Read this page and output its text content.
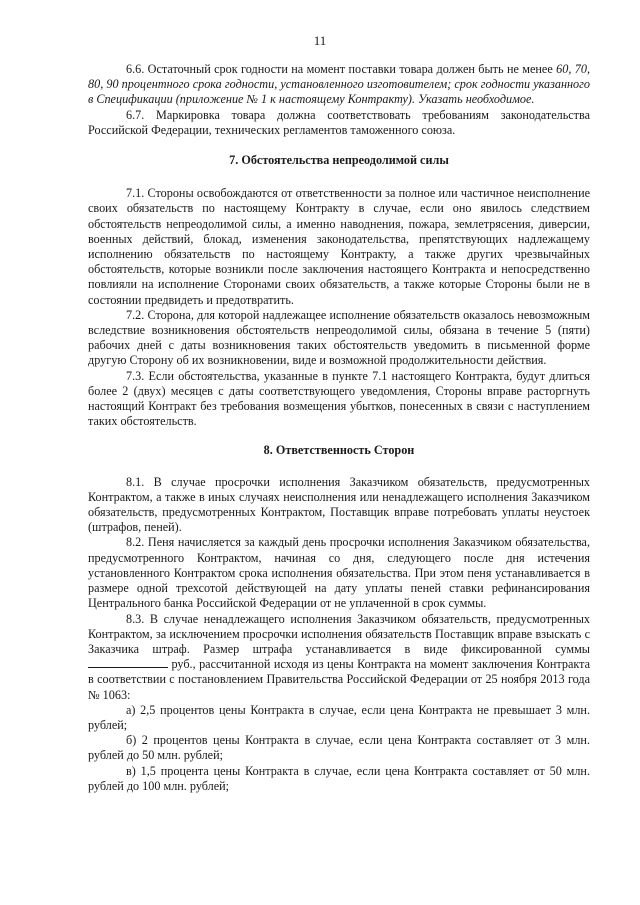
11

6.6. Остаточный срок годности на момент поставки товара должен быть не менее 60, 70, 80, 90 процентного срока годности, установленного изготовителем; срок годности указанного в Спецификации (приложение № 1 к настоящему Контракту). Указать необходимое.

6.7. Маркировка товара должна соответствовать требованиям законодательства Российской Федерации, технических регламентов таможенного союза.

7. Обстоятельства непреодолимой силы

7.1. Стороны освобождаются от ответственности за полное или частичное неисполнение своих обязательств по настоящему Контракту в случае, если оно явилось следствием обстоятельств непреодолимой силы, а именно наводнения, пожара, землетрясения, диверсии, военных действий, блокад, изменения законодательства, препятствующих надлежащему исполнению обязательств по настоящему Контракту, а также других чрезвычайных обстоятельств, которые возникли после заключения настоящего Контракта и непосредственно повлияли на исполнение Сторонами своих обязательств, а также которые Стороны были не в состоянии предвидеть и предотвратить.

7.2. Сторона, для которой надлежащее исполнение обязательств оказалось невозможным вследствие возникновения обстоятельств непреодолимой силы, обязана в течение 5 (пяти) рабочих дней с даты возникновения таких обстоятельств уведомить в письменной форме другую Сторону об их возникновении, виде и возможной продолжительности действия.

7.3. Если обстоятельства, указанные в пункте 7.1 настоящего Контракта, будут длиться более 2 (двух) месяцев с даты соответствующего уведомления, Стороны вправе расторгнуть настоящий Контракт без требования возмещения убытков, понесенных в связи с наступлением таких обстоятельств.

8. Ответственность Сторон

8.1. В случае просрочки исполнения Заказчиком обязательств, предусмотренных Контрактом, а также в иных случаях неисполнения или ненадлежащего исполнения Заказчиком обязательств, предусмотренных Контрактом, Поставщик вправе потребовать уплаты неустоек (штрафов, пеней).

8.2. Пеня начисляется за каждый день просрочки исполнения Заказчиком обязательства, предусмотренного Контрактом, начиная со дня, следующего после дня истечения установленного Контрактом срока исполнения обязательства. При этом пеня устанавливается в размере одной трехсотой действующей на дату уплаты пеней ставки рефинансирования Центрального банка Российской Федерации от не уплаченной в срок суммы.

8.3. В случае ненадлежащего исполнения Заказчиком обязательств, предусмотренных Контрактом, за исключением просрочки исполнения обязательств Поставщик вправе взыскать с Заказчика штраф. Размер штрафа устанавливается в виде фиксированной суммы  руб., рассчитанной исходя из цены Контракта на момент заключения Контракта в соответствии с постановлением Правительства Российской Федерации от 25 ноября 2013 года № 1063:

а) 2,5 процентов цены Контракта в случае, если цена Контракта не превышает 3 млн. рублей;

б) 2 процентов цены Контракта в случае, если цена Контракта составляет от 3 млн. рублей до 50 млн. рублей;

в) 1,5 процента цены Контракта в случае, если цена Контракта составляет от 50 млн. рублей до 100 млн. рублей;
